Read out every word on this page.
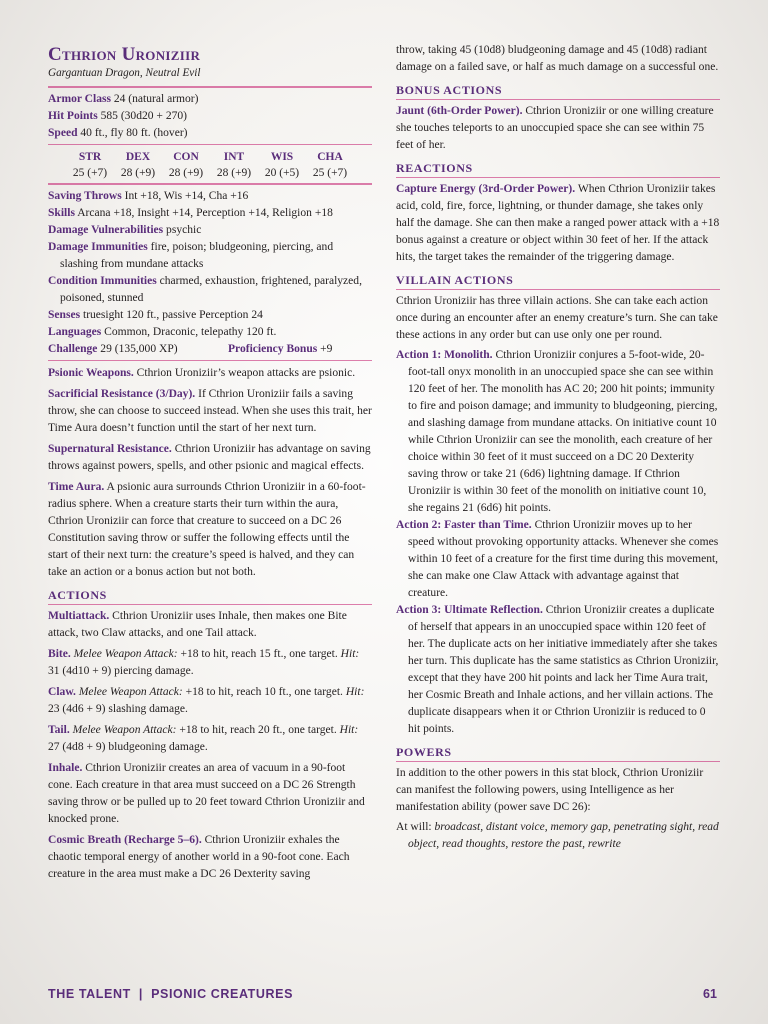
Cthrion Uroniziir
Gargantuan Dragon, Neutral Evil
Armor Class 24 (natural armor)
Hit Points 585 (30d20 + 270)
Speed 40 ft., fly 80 ft. (hover)
STR
25 (+7)
DEX
28 (+9)
CON
28 (+9)
INT
28 (+9)
WIS
20 (+5)
CHA
25 (+7)
Saving Throws Int +18, Wis +14, Cha +16
Skills Arcana +18, Insight +14, Perception +14, Religion +18
Damage Vulnerabilities psychic
Damage Immunities fire, poison; bludgeoning, piercing, and slashing from mundane attacks
Condition Immunities charmed, exhaustion, frightened, paralyzed, poisoned, stunned
Senses truesight 120 ft., passive Perception 24
Languages Common, Draconic, telepathy 120 ft.
Challenge 29 (135,000 XP)	Proficiency Bonus +9

Psionic Weapons. Cthrion Uroniziir’s weapon attacks are psionic.

Sacrificial Resistance (3/Day). If Cthrion Uroniziir fails a saving throw, she can choose to succeed instead. When she uses this trait, her Time Aura doesn’t function until the start of her next turn.

Supernatural Resistance. Cthrion Uroniziir has advantage on saving throws against powers, spells, and other psionic and magical effects.

Time Aura. A psionic aura surrounds Cthrion Uroniziir in a 60-foot-radius sphere. When a creature starts their turn within the aura, Cthrion Uroniziir can force that creature to succeed on a DC 26 Constitution saving throw or suffer the following effects until the start of their next turn: the creature’s speed is halved, and they can take an action or a bonus action but not both.

ACTIONS

Multiattack. Cthrion Uroniziir uses Inhale, then makes one Bite attack, two Claw attacks, and one Tail attack.

Bite. Melee Weapon Attack: +18 to hit, reach 15 ft., one target. Hit: 31 (4d10 + 9) piercing damage.

Claw. Melee Weapon Attack: +18 to hit, reach 10 ft., one target. Hit: 23 (4d6 + 9) slashing damage.

Tail. Melee Weapon Attack: +18 to hit, reach 20 ft., one target. Hit: 27 (4d8 + 9) bludgeoning damage.

Inhale. Cthrion Uroniziir creates an area of vacuum in a 90-foot cone. Each creature in that area must succeed on a DC 26 Strength saving throw or be pulled up to 20 feet toward Cthrion Uroniziir and knocked prone.

Cosmic Breath (Recharge 5–6). Cthrion Uroniziir exhales the chaotic temporal energy of another world in a 90-foot cone. Each creature in the area must make a DC 26 Dexterity saving

throw, taking 45 (10d8) bludgeoning damage and 45 (10d8) radiant damage on a failed save, or half as much damage on a successful one.

BONUS ACTIONS

Jaunt (6th-Order Power). Cthrion Uroniziir or one willing creature she touches teleports to an unoccupied space she can see within 75 feet of her.

REACTIONS

Capture Energy (3rd-Order Power). When Cthrion Uroniziir takes acid, cold, fire, force, lightning, or thunder damage, she takes only half the damage. She can then make a ranged power attack with a +18 bonus against a creature or object within 30 feet of her. If the attack hits, the target takes the remainder of the triggering damage.

VILLAIN ACTIONS

Cthrion Uroniziir has three villain actions. She can take each action once during an encounter after an enemy creature’s turn. She can take these actions in any order but can use only one per round.

Action 1: Monolith. Cthrion Uroniziir conjures a 5-foot-wide, 20-foot-tall onyx monolith in an unoccupied space she can see within 120 feet of her. The monolith has AC 20; 200 hit points; immunity to fire and poison damage; and immunity to bludgeoning, piercing, and slashing damage from mundane attacks. On initiative count 10 while Cthrion Uroniziir can see the monolith, each creature of her choice within 30 feet of it must succeed on a DC 20 Dexterity saving throw or take 21 (6d6) lightning damage. If Cthrion Uroniziir is within 30 feet of the monolith on initiative count 10, she regains 21 (6d6) hit points.

Action 2: Faster than Time. Cthrion Uroniziir moves up to her speed without provoking opportunity attacks. Whenever she comes within 10 feet of a creature for the first time during this movement, she can make one Claw Attack with advantage against that creature.

Action 3: Ultimate Reflection. Cthrion Uroniziir creates a duplicate of herself that appears in an unoccupied space within 120 feet of her. The duplicate acts on her initiative immediately after she takes her turn. This duplicate has the same statistics as Cthrion Uroniziir, except that they have 200 hit points and lack her Time Aura trait, her Cosmic Breath and Inhale actions, and her villain actions. The duplicate disappears when it or Cthrion Uroniziir is reduced to 0 hit points.

POWERS

In addition to the other powers in this stat block, Cthrion Uroniziir can manifest the following powers, using Intelligence as her manifestation ability (power save DC 26):

At will: broadcast, distant voice, memory gap, penetrating sight, read object, read thoughts, restore the past, rewrite

THE TALENT | PSIONIC CREATURES	61
